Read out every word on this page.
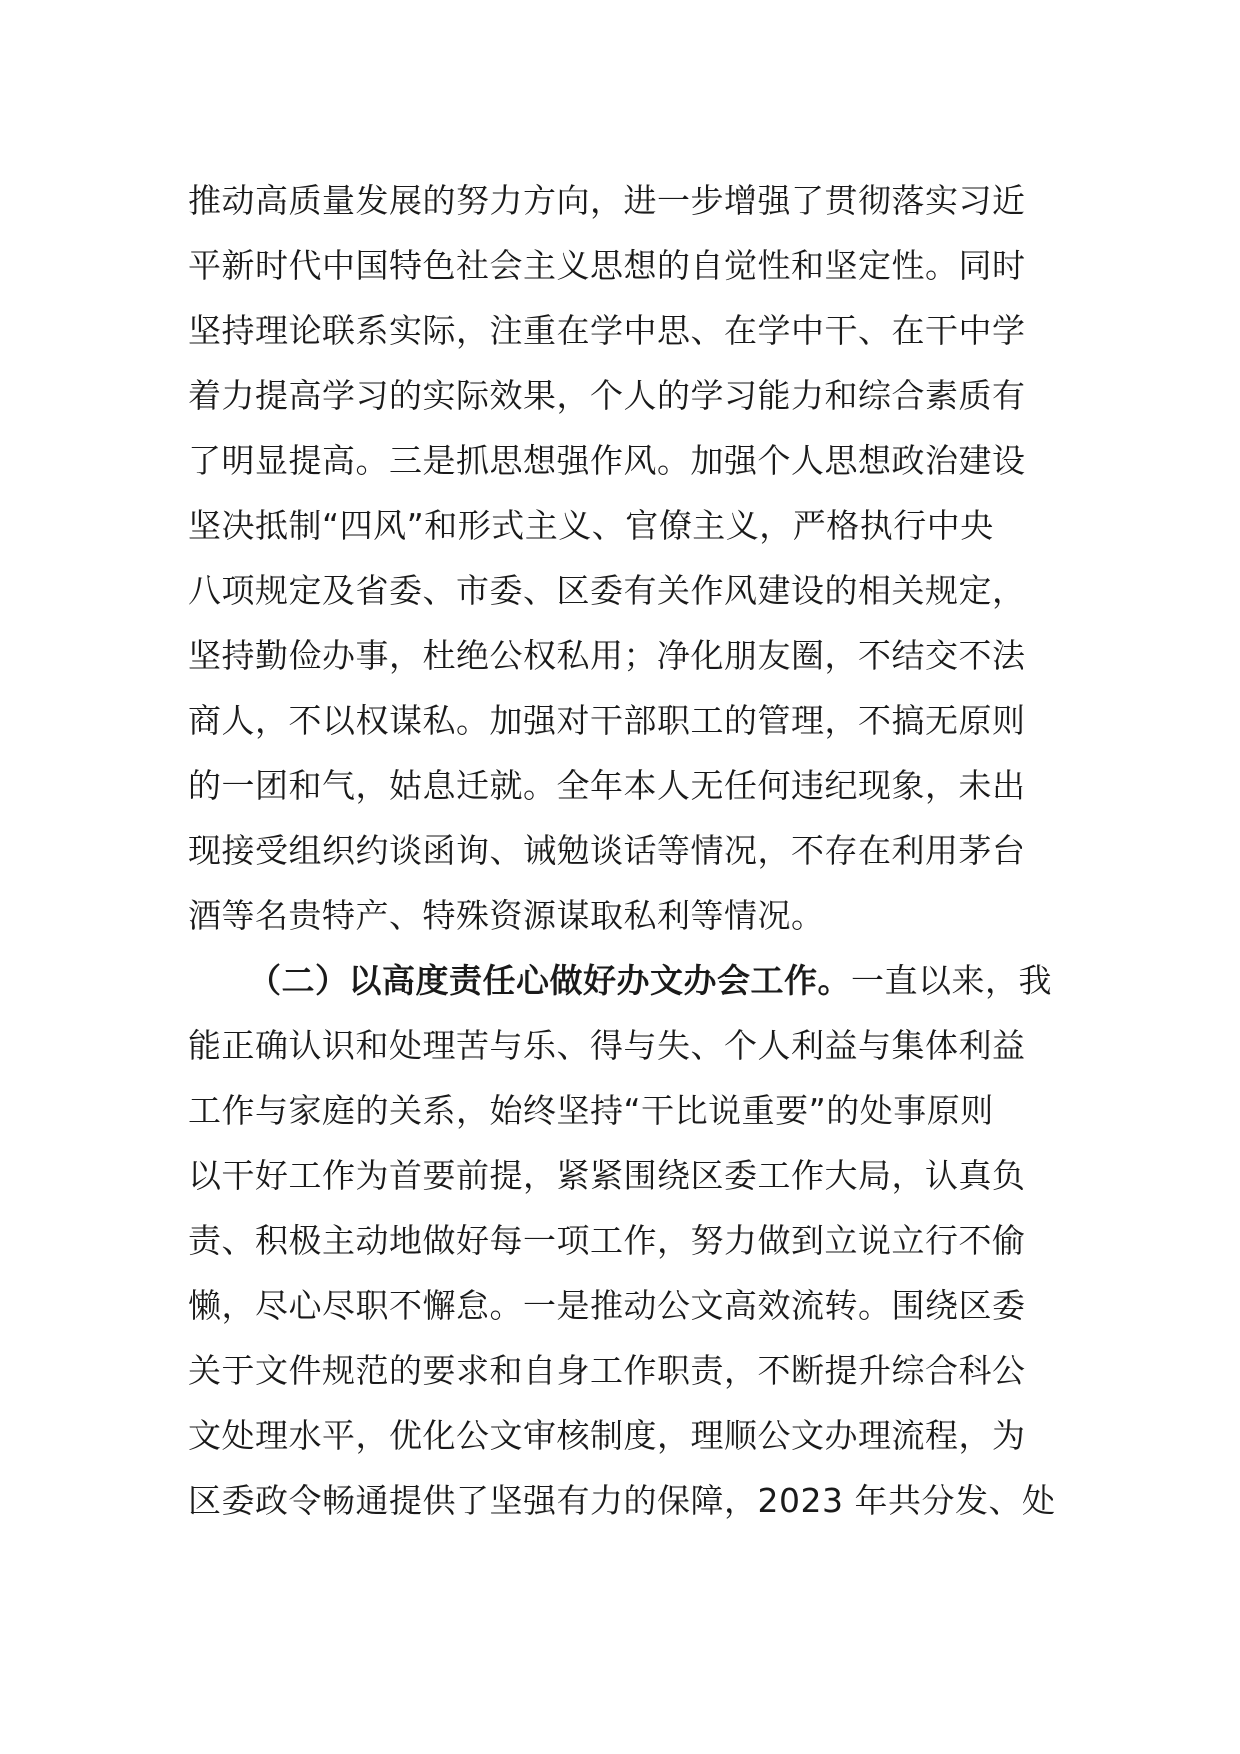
推动高质量发展的努力方向，进一步增强了贯彻落实习近
平新时代中国特色社会主义思想的自觉性和坚定性。同时
坚持理论联系实际，注重在学中思、在学中干、在干中学
着力提高学习的实际效果，个人的学习能力和综合素质有
了明显提高。三是抓思想强作风。加强个人思想政治建设
坚决抵制“四风”和形式主义、官僚主义，严格执行中央
八项规定及省委、市委、区委有关作风建设的相关规定，
坚持勤俭办事，杜绝公权私用；净化朋友圈，不结交不法
商人，不以权谋私。加强对干部职工的管理，不搞无原则
的一团和气，姑息迁就。全年本人无任何违纪现象，未出
现接受组织约谈函询、诫勉谈话等情况，不存在利用茅台
酒等名贵特产、特殊资源谋取私利等情况。
（二）以高度责任心做好办文办会工作。一直以来，我
能正确认识和处理苦与乐、得与失、个人利益与集体利益
工作与家庭的关系，始终坚持“干比说重要”的处事原则
以干好工作为首要前提，紧紧围绕区委工作大局，认真负
责、积极主动地做好每一项工作，努力做到立说立行不偷
懒，尽心尽职不懈怠。一是推动公文高效流转。围绕区委
关于文件规范的要求和自身工作职责，不断提升综合科公
文处理水平，优化公文审核制度，理顺公文办理流程，为
区委政令畅通提供了坚强有力的保障，2023 年共分发、处
